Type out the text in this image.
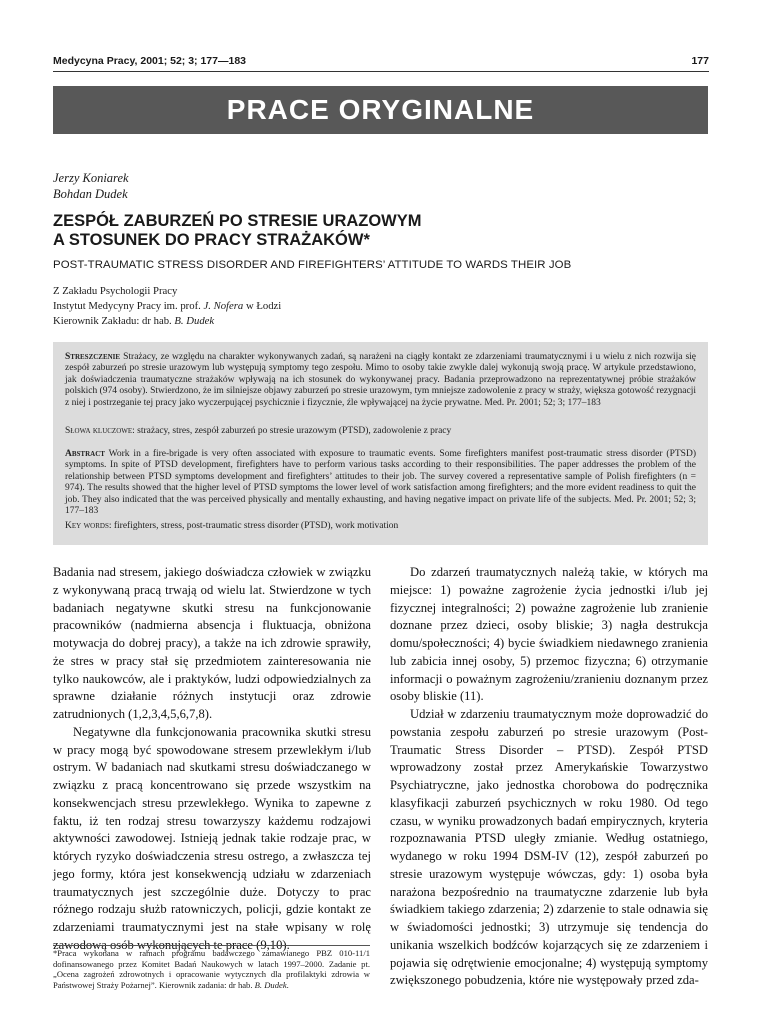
Medycyna Pracy, 2001; 52; 3; 177—183	177
PRACE ORYGINALNE
Jerzy Koniarek
Bohdan Dudek
ZESPÓŁ ZABURZEŃ PO STRESIE URAZOWYM
A STOSUNEK DO PRACY STRAŻAKÓW*
POST-TRAUMATIC STRESS DISORDER AND FIREFIGHTERS’ ATTITUDE TO WARDS THEIR JOB
Z Zakładu Psychologii Pracy
Instytut Medycyny Pracy im. prof. J. Nofera w Łodzi
Kierownik Zakładu: dr hab. B. Dudek
Streszczenie Strażacy, ze względu na charakter wykonywanych zadań, są narażeni na ciągły kontakt ze zdarzeniami traumatycznymi i u wielu z nich rozwija się zespół zaburzeń po stresie urazowym lub występują symptomy tego zespołu. Mimo to osoby takie zwykle dalej wykonują swoją pracę. W artykule przedstawiono, jak doświadczenia traumatyczne strażaków wpływają na ich stosunek do wykonywanej pracy. Badania przeprowadzono na reprezentatywnej próbie strażaków polskich (974 osoby). Stwierdzono, że im silniejsze objawy zaburzeń po stresie urazowym, tym mniejsze zadowolenie z pracy w straży, większa gotowość rezygnacji z niej i postrzeganie tej pracy jako wyczerpującej psychicznie i fizycznie, źle wpływającej na życie prywatne. Med. Pr. 2001; 52; 3; 177–183
Słowa kluczowe: strażacy, stres, zespół zaburzeń po stresie urazowym (PTSD), zadowolenie z pracy
Abstract Work in a fire-brigade is very often associated with exposure to traumatic events. Some firefighters manifest post-traumatic stress disorder (PTSD) symptoms. In spite of PTSD development, firefighters have to perform various tasks according to their responsibilities. The paper addresses the problem of the relationship between PTSD symptoms development and firefighters’ attitudes to their job. The survey covered a representative sample of Polish firefighters (n = 974). The results showed that the higher level of PTSD symptoms the lower level of work satisfaction among firefighters; and the more evident readiness to quit the job. They also indicated that the was perceived physically and mentally exhausting, and having negative impact on private life of the subjects. Med. Pr. 2001; 52; 3; 177–183
Key words: firefighters, stress, post-traumatic stress disorder (PTSD), work motivation

Badania nad stresem, jakiego doświadcza człowiek w związku z wykonywaną pracą trwają od wielu lat. Stwierdzone w tych badaniach negatywne skutki stresu na funkcjonowanie pracowników (nadmierna absencja i fluktuacja, obniżona motywacja do dobrej pracy), a także na ich zdrowie sprawiły, że stres w pracy stał się przedmiotem zainteresowania nie tylko naukowców, ale i praktyków, ludzi odpowiedzialnych za sprawne działanie różnych instytucji oraz zdrowie zatrudnionych (1,2,3,4,5,6,7,8).

Negatywne dla funkcjonowania pracownika skutki stresu w pracy mogą być spowodowane stresem przewlekłym i/lub ostrym. W badaniach nad skutkami stresu doświadczanego w związku z pracą koncentrowano się przede wszystkim na konsekwencjach stresu przewlekłego. Wynika to zapewne z faktu, iż ten rodzaj stresu towarzyszy każdemu rodzajowi aktywności zawodowej. Istnieją jednak takie rodzaje prac, w których ryzyko doświadczenia stresu ostrego, a zwłaszcza tej jego formy, która jest konsekwencją udziału w zdarzeniach traumatycznych jest szczególnie duże. Dotyczy to prac różnego rodzaju służb ratowniczych, policji, gdzie kontakt ze zdarzeniami traumatycznymi jest na stałe wpisany w rolę zawodową osób wykonujących te prace (9,10).

Do zdarzeń traumatycznych należą takie, w których ma miejsce: 1) poważne zagrożenie życia jednostki i/lub jej fizycznej integralności; 2) poważne zagrożenie lub zranienie doznane przez dzieci, osoby bliskie; 3) nagła destrukcja domu/społeczności; 4) bycie świadkiem niedawnego zranienia lub zabicia innej osoby, 5) przemoc fizyczna; 6) otrzymanie informacji o poważnym zagrożeniu/zranieniu doznanym przez osoby bliskie (11).

Udział w zdarzeniu traumatycznym może doprowadzić do powstania zespołu zaburzeń po stresie urazowym (Post-Traumatic Stress Disorder – PTSD). Zespół PTSD wprowadzony został przez Amerykańskie Towarzystwo Psychiatryczne, jako jednostka chorobowa do podręcznika klasyfikacji zaburzeń psychicznych w roku 1980. Od tego czasu, w wyniku prowadzonych badań empirycznych, kryteria rozpoznawania PTSD uległy zmianie. Według ostatniego, wydanego w roku 1994 DSM-IV (12), zespół zaburzeń po stresie urazowym występuje wówczas, gdy: 1) osoba była narażona bezpośrednio na traumatyczne zdarzenie lub była świadkiem takiego zdarzenia; 2) zdarzenie to stale odnawia się w świadomości jednostki; 3) utrzymuje się tendencja do unikania wszelkich bodźców kojarzących się ze zdarzeniem i pojawia się odrętwienie emocjonalne; 4) występują symptomy zwiększonego pobudzenia, które nie występowały przed zda-

*Praca wykonana w ramach programu badawczego zamawianego PBZ 010-11/1 dofinansowanego przez Komitet Badań Naukowych w latach 1997–2000. Zadanie pt. „Ocena zagrożeń zdrowotnych i opracowanie wytycznych dla profilaktyki zdrowia w Państwowej Straży Pożarnej”. Kierownik zadania: dr hab. B. Dudek.
